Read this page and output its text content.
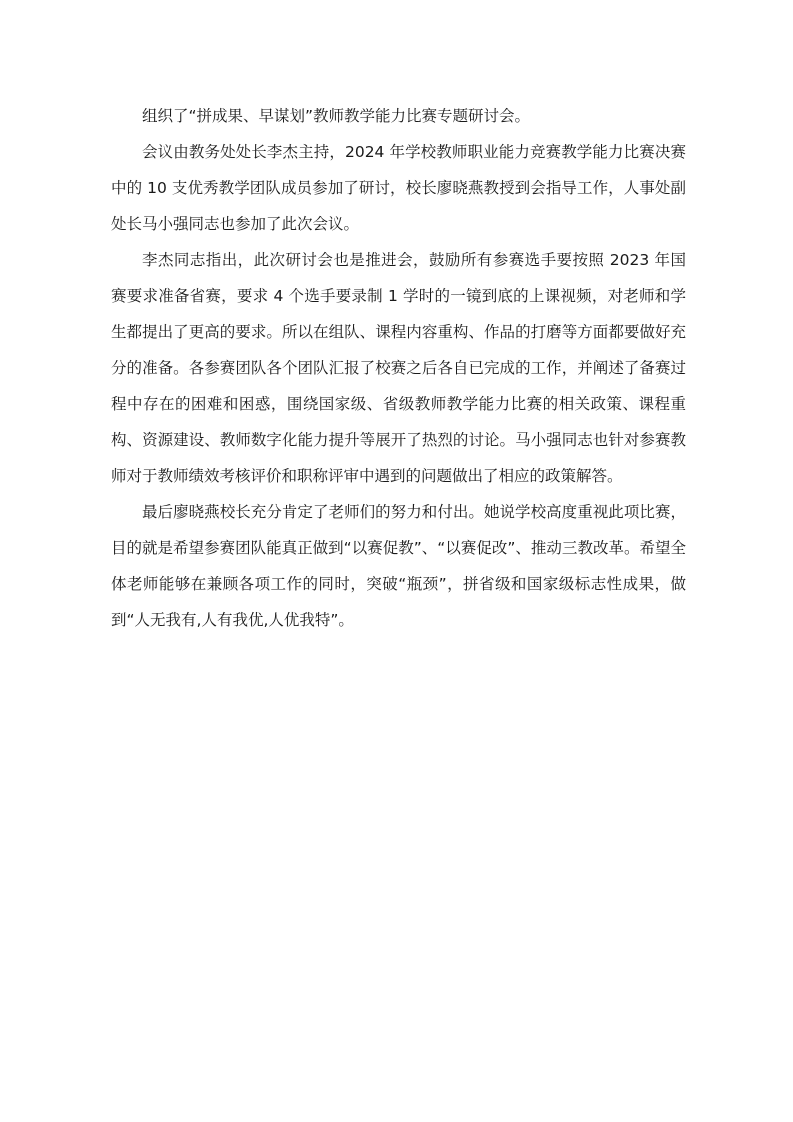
组织了“拼成果、早谋划”教师教学能力比赛专题研讨会。

会议由教务处处长李杰主持，2024 年学校教师职业能力竞赛教学能力比赛决赛中的 10 支优秀教学团队成员参加了研讨，校长廖晓燕教授到会指导工作，人事处副处长马小强同志也参加了此次会议。

李杰同志指出，此次研讨会也是推进会，鼓励所有参赛选手要按照 2023 年国赛要求准备省赛，要求 4 个选手要录制 1 学时的一镜到底的上课视频，对老师和学生都提出了更高的要求。所以在组队、课程内容重构、作品的打磨等方面都要做好充分的准备。各参赛团队各个团队汇报了校赛之后各自已完成的工作，并阐述了备赛过程中存在的困难和困惑，围绕国家级、省级教师教学能力比赛的相关政策、课程重构、资源建设、教师数字化能力提升等展开了热烈的讨论。马小强同志也针对参赛教师对于教师绩效考核评价和职称评审中遇到的问题做出了相应的政策解答。

最后廖晓燕校长充分肯定了老师们的努力和付出。她说学校高度重视此项比赛，目的就是希望参赛团队能真正做到“以赛促教”、“以赛促改”、推动三教改革。希望全体老师能够在兼顾各项工作的同时，突破“瓶颈”，拼省级和国家级标志性成果，做到“人无我有,人有我优,人优我特”。
